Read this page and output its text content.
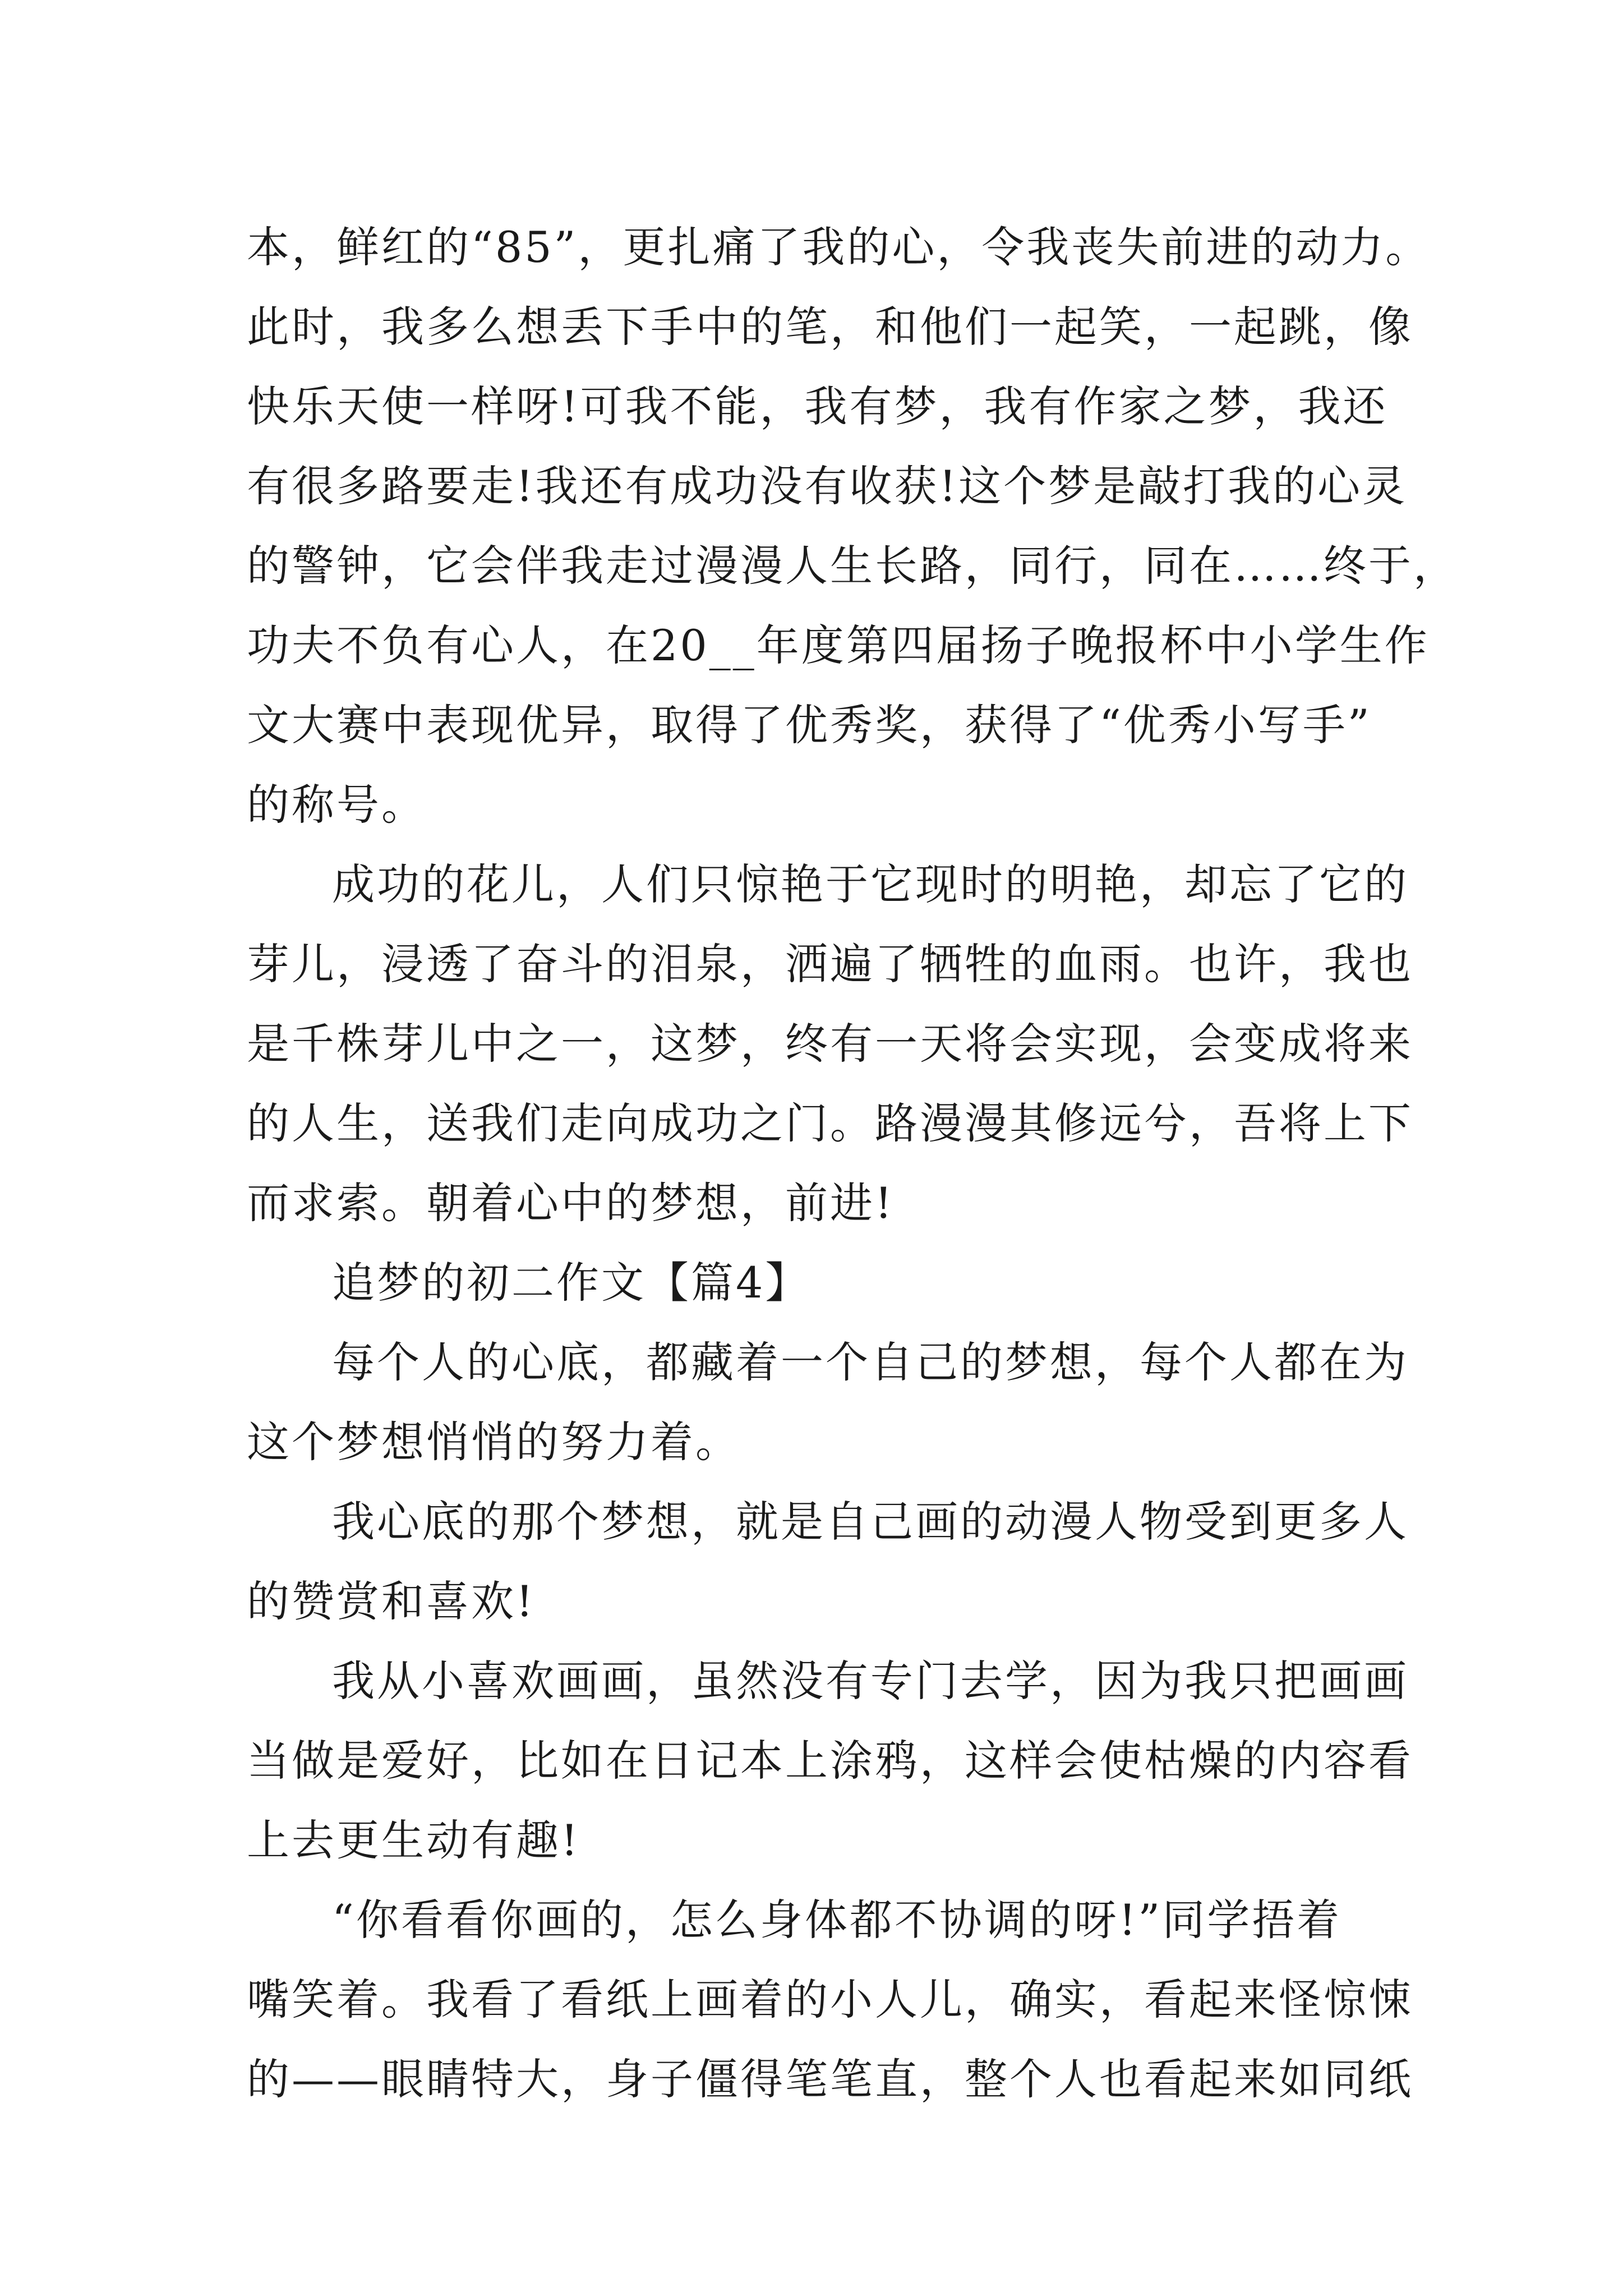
本，鲜红的“85”，更扎痛了我的心，令我丧失前进的动力。
此时，我多么想丢下手中的笔，和他们一起笑，一起跳，像
快乐天使一样呀!可我不能，我有梦，我有作家之梦，我还
有很多路要走!我还有成功没有收获!这个梦是敲打我的心灵
的警钟，它会伴我走过漫漫人生长路，同行，同在……终于，
功夫不负有心人，在20__年度第四届扬子晚报杯中小学生作
文大赛中表现优异，取得了优秀奖，获得了“优秀小写手”
的称号。
成功的花儿，人们只惊艳于它现时的明艳，却忘了它的
芽儿，浸透了奋斗的泪泉，洒遍了牺牲的血雨。也许，我也
是千株芽儿中之一，这梦，终有一天将会实现，会变成将来
的人生，送我们走向成功之门。路漫漫其修远兮，吾将上下
而求索。朝着心中的梦想，前进!
追梦的初二作文【篇4】
每个人的心底，都藏着一个自己的梦想，每个人都在为
这个梦想悄悄的努力着。
我心底的那个梦想，就是自己画的动漫人物受到更多人
的赞赏和喜欢!
我从小喜欢画画，虽然没有专门去学，因为我只把画画
当做是爱好，比如在日记本上涂鸦，这样会使枯燥的内容看
上去更生动有趣!
“你看看你画的，怎么身体都不协调的呀!”同学捂着
嘴笑着。我看了看纸上画着的小人儿，确实，看起来怪惊悚
的——眼睛特大，身子僵得笔笔直，整个人也看起来如同纸
